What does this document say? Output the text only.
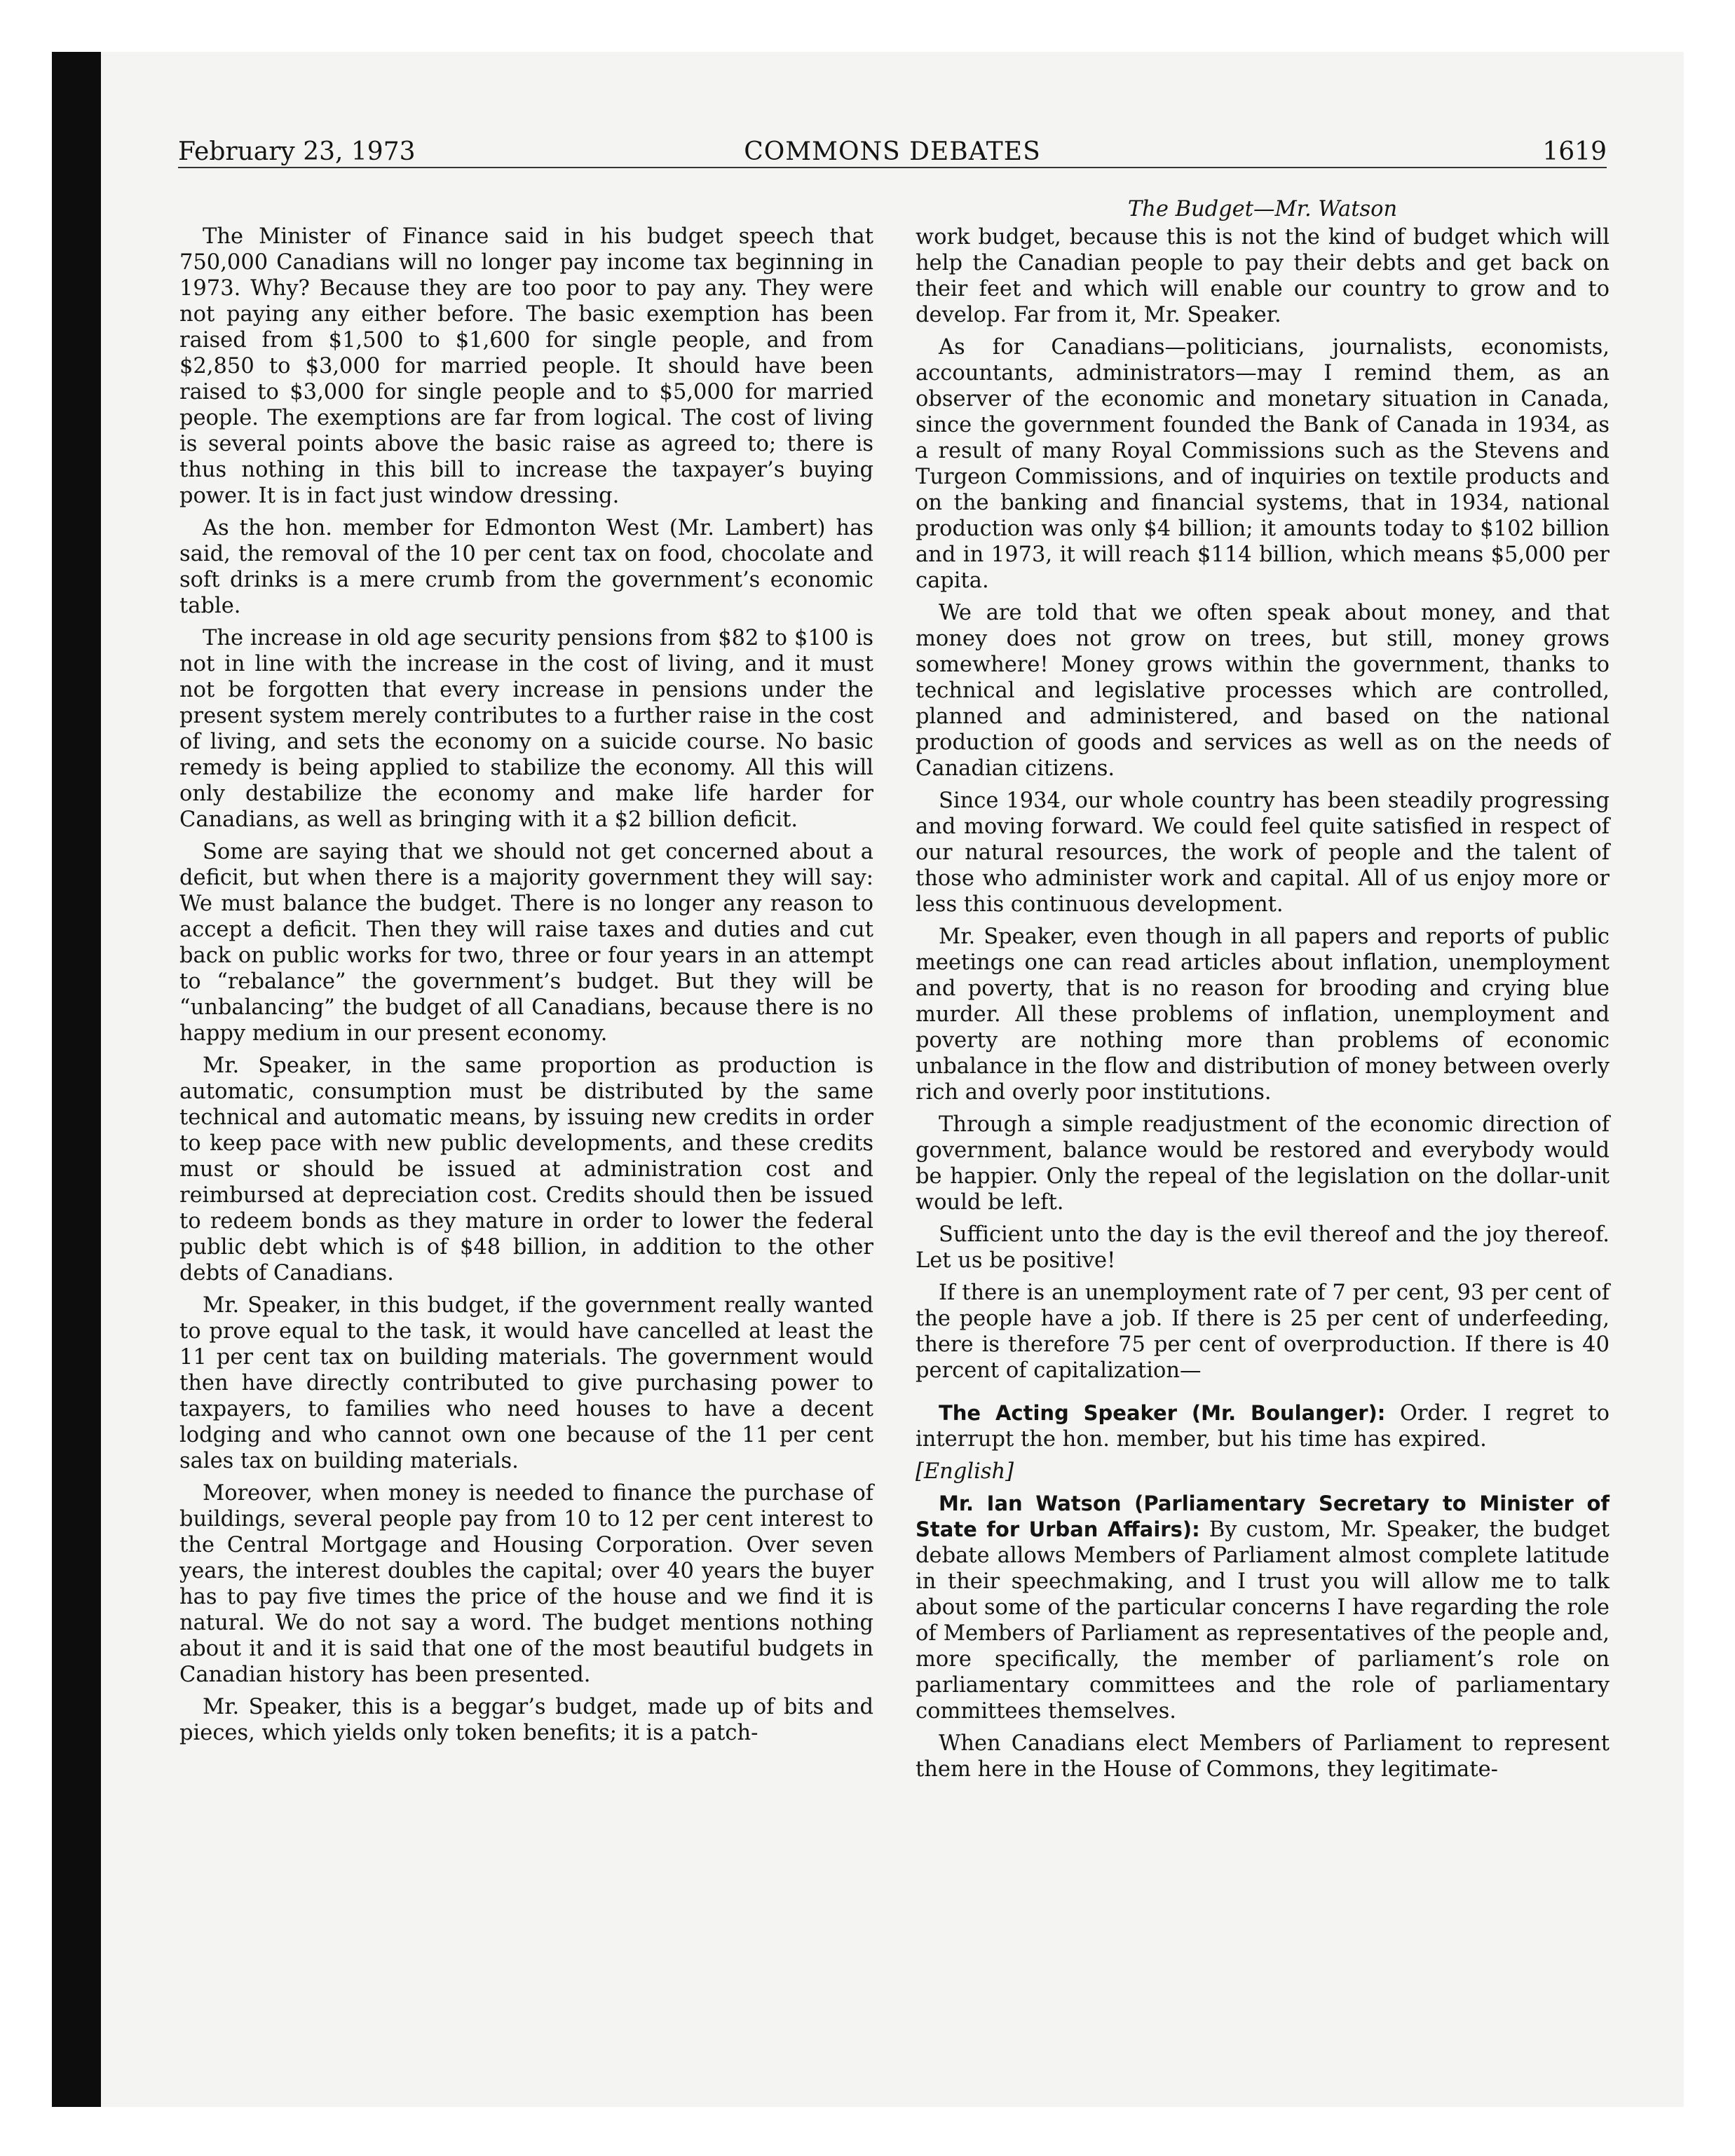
February 23, 1973	COMMONS DEBATES	1619

The Minister of Finance said in his budget speech that 750,000 Canadians will no longer pay income tax beginning in 1973. Why? Because they are too poor to pay any. They were not paying any either before. The basic exemption has been raised from $1,500 to $1,600 for single people, and from $2,850 to $3,000 for married people. It should have been raised to $3,000 for single people and to $5,000 for married people. The exemptions are far from logical. The cost of living is several points above the basic raise as agreed to; there is thus nothing in this bill to increase the taxpayer’s buying power. It is in fact just window dressing.

As the hon. member for Edmonton West (Mr. Lambert) has said, the removal of the 10 per cent tax on food, chocolate and soft drinks is a mere crumb from the government’s economic table.

The increase in old age security pensions from $82 to $100 is not in line with the increase in the cost of living, and it must not be forgotten that every increase in pensions under the present system merely contributes to a further raise in the cost of living, and sets the economy on a suicide course. No basic remedy is being applied to stabilize the economy. All this will only destabilize the economy and make life harder for Canadians, as well as bringing with it a $2 billion deficit.

Some are saying that we should not get concerned about a deficit, but when there is a majority government they will say: We must balance the budget. There is no longer any reason to accept a deficit. Then they will raise taxes and duties and cut back on public works for two, three or four years in an attempt to “rebalance” the government’s budget. But they will be “unbalancing” the budget of all Canadians, because there is no happy medium in our present economy.

Mr. Speaker, in the same proportion as production is automatic, consumption must be distributed by the same technical and automatic means, by issuing new credits in order to keep pace with new public developments, and these credits must or should be issued at administration cost and reimbursed at depreciation cost. Credits should then be issued to redeem bonds as they mature in order to lower the federal public debt which is of $48 billion, in addition to the other debts of Canadians.

Mr. Speaker, in this budget, if the government really wanted to prove equal to the task, it would have cancelled at least the 11 per cent tax on building materials. The government would then have directly contributed to give purchasing power to taxpayers, to families who need houses to have a decent lodging and who cannot own one because of the 11 per cent sales tax on building materials.

Moreover, when money is needed to finance the purchase of buildings, several people pay from 10 to 12 per cent interest to the Central Mortgage and Housing Corporation. Over seven years, the interest doubles the capital; over 40 years the buyer has to pay five times the price of the house and we find it is natural. We do not say a word. The budget mentions nothing about it and it is said that one of the most beautiful budgets in Canadian history has been presented.

Mr. Speaker, this is a beggar’s budget, made up of bits and pieces, which yields only token benefits; it is a patch-

The Budget—Mr. Watson

work budget, because this is not the kind of budget which will help the Canadian people to pay their debts and get back on their feet and which will enable our country to grow and to develop. Far from it, Mr. Speaker.

As for Canadians—politicians, journalists, economists, accountants, administrators—may I remind them, as an observer of the economic and monetary situation in Canada, since the government founded the Bank of Canada in 1934, as a result of many Royal Commissions such as the Stevens and Turgeon Commissions, and of inquiries on textile products and on the banking and financial systems, that in 1934, national production was only $4 billion; it amounts today to $102 billion and in 1973, it will reach $114 billion, which means $5,000 per capita.

We are told that we often speak about money, and that money does not grow on trees, but still, money grows somewhere! Money grows within the government, thanks to technical and legislative processes which are controlled, planned and administered, and based on the national production of goods and services as well as on the needs of Canadian citizens.

Since 1934, our whole country has been steadily progressing and moving forward. We could feel quite satisfied in respect of our natural resources, the work of people and the talent of those who administer work and capital. All of us enjoy more or less this continuous development.

Mr. Speaker, even though in all papers and reports of public meetings one can read articles about inflation, unemployment and poverty, that is no reason for brooding and crying blue murder. All these problems of inflation, unemployment and poverty are nothing more than problems of economic unbalance in the flow and distribution of money between overly rich and overly poor institutions.

Through a simple readjustment of the economic direction of government, balance would be restored and everybody would be happier. Only the repeal of the legislation on the dollar-unit would be left.

Sufficient unto the day is the evil thereof and the joy thereof. Let us be positive!

If there is an unemployment rate of 7 per cent, 93 per cent of the people have a job. If there is 25 per cent of underfeeding, there is therefore 75 per cent of overproduction. If there is 40 percent of capitalization—

The Acting Speaker (Mr. Boulanger): Order. I regret to interrupt the hon. member, but his time has expired.

[English]

Mr. Ian Watson (Parliamentary Secretary to Minister of State for Urban Affairs): By custom, Mr. Speaker, the budget debate allows Members of Parliament almost complete latitude in their speechmaking, and I trust you will allow me to talk about some of the particular concerns I have regarding the role of Members of Parliament as representatives of the people and, more specifically, the member of parliament’s role on parliamentary committees and the role of parliamentary committees themselves.

When Canadians elect Members of Parliament to represent them here in the House of Commons, they legitimate-
